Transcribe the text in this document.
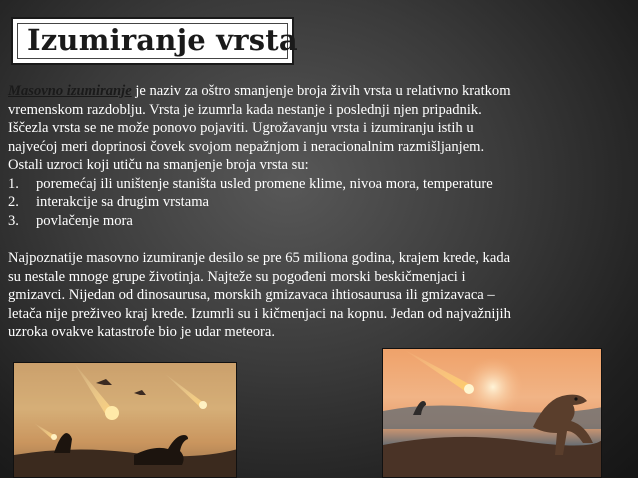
Izumiranje vrsta

Masovno izumiranje je naziv za oštro smanjenje broja živih vrsta u relativno kratkom

vremenskom razdoblju. Vrsta je izumrla kada nestanje i poslednji njen pripadnik.

Iščezla vrsta se ne može ponovo pojaviti. Ugrožavanju vrsta i izumiranju istih u

najvećoj meri doprinosi čovek svojom nepažnjom i neracionalnim razmišljanjem.

Ostali uzroci koji utiču na smanjenje broja vrsta su:

1.	poremećaj ili uništenje staništa usled promene klime, nivoa mora, temperature
2.	interakcije sa drugim vrstama
3.	povlačenje mora

Najpoznatije masovno izumiranje desilo se pre 65 miliona godina, krajem krede, kada

su nestale mnoge grupe životinja. Najteže su pogođeni morski beskičmenjaci i

gmizavci. Nijedan od dinosaurusa, morskih gmizavaca ihtiosaurusa ili gmizavaca –

letača nije preživeo kraj krede. Izumrli su i kičmenjaci na kopnu. Jedan od najvažnijih

uzroka ovakve katastrofe bio je udar meteora.
